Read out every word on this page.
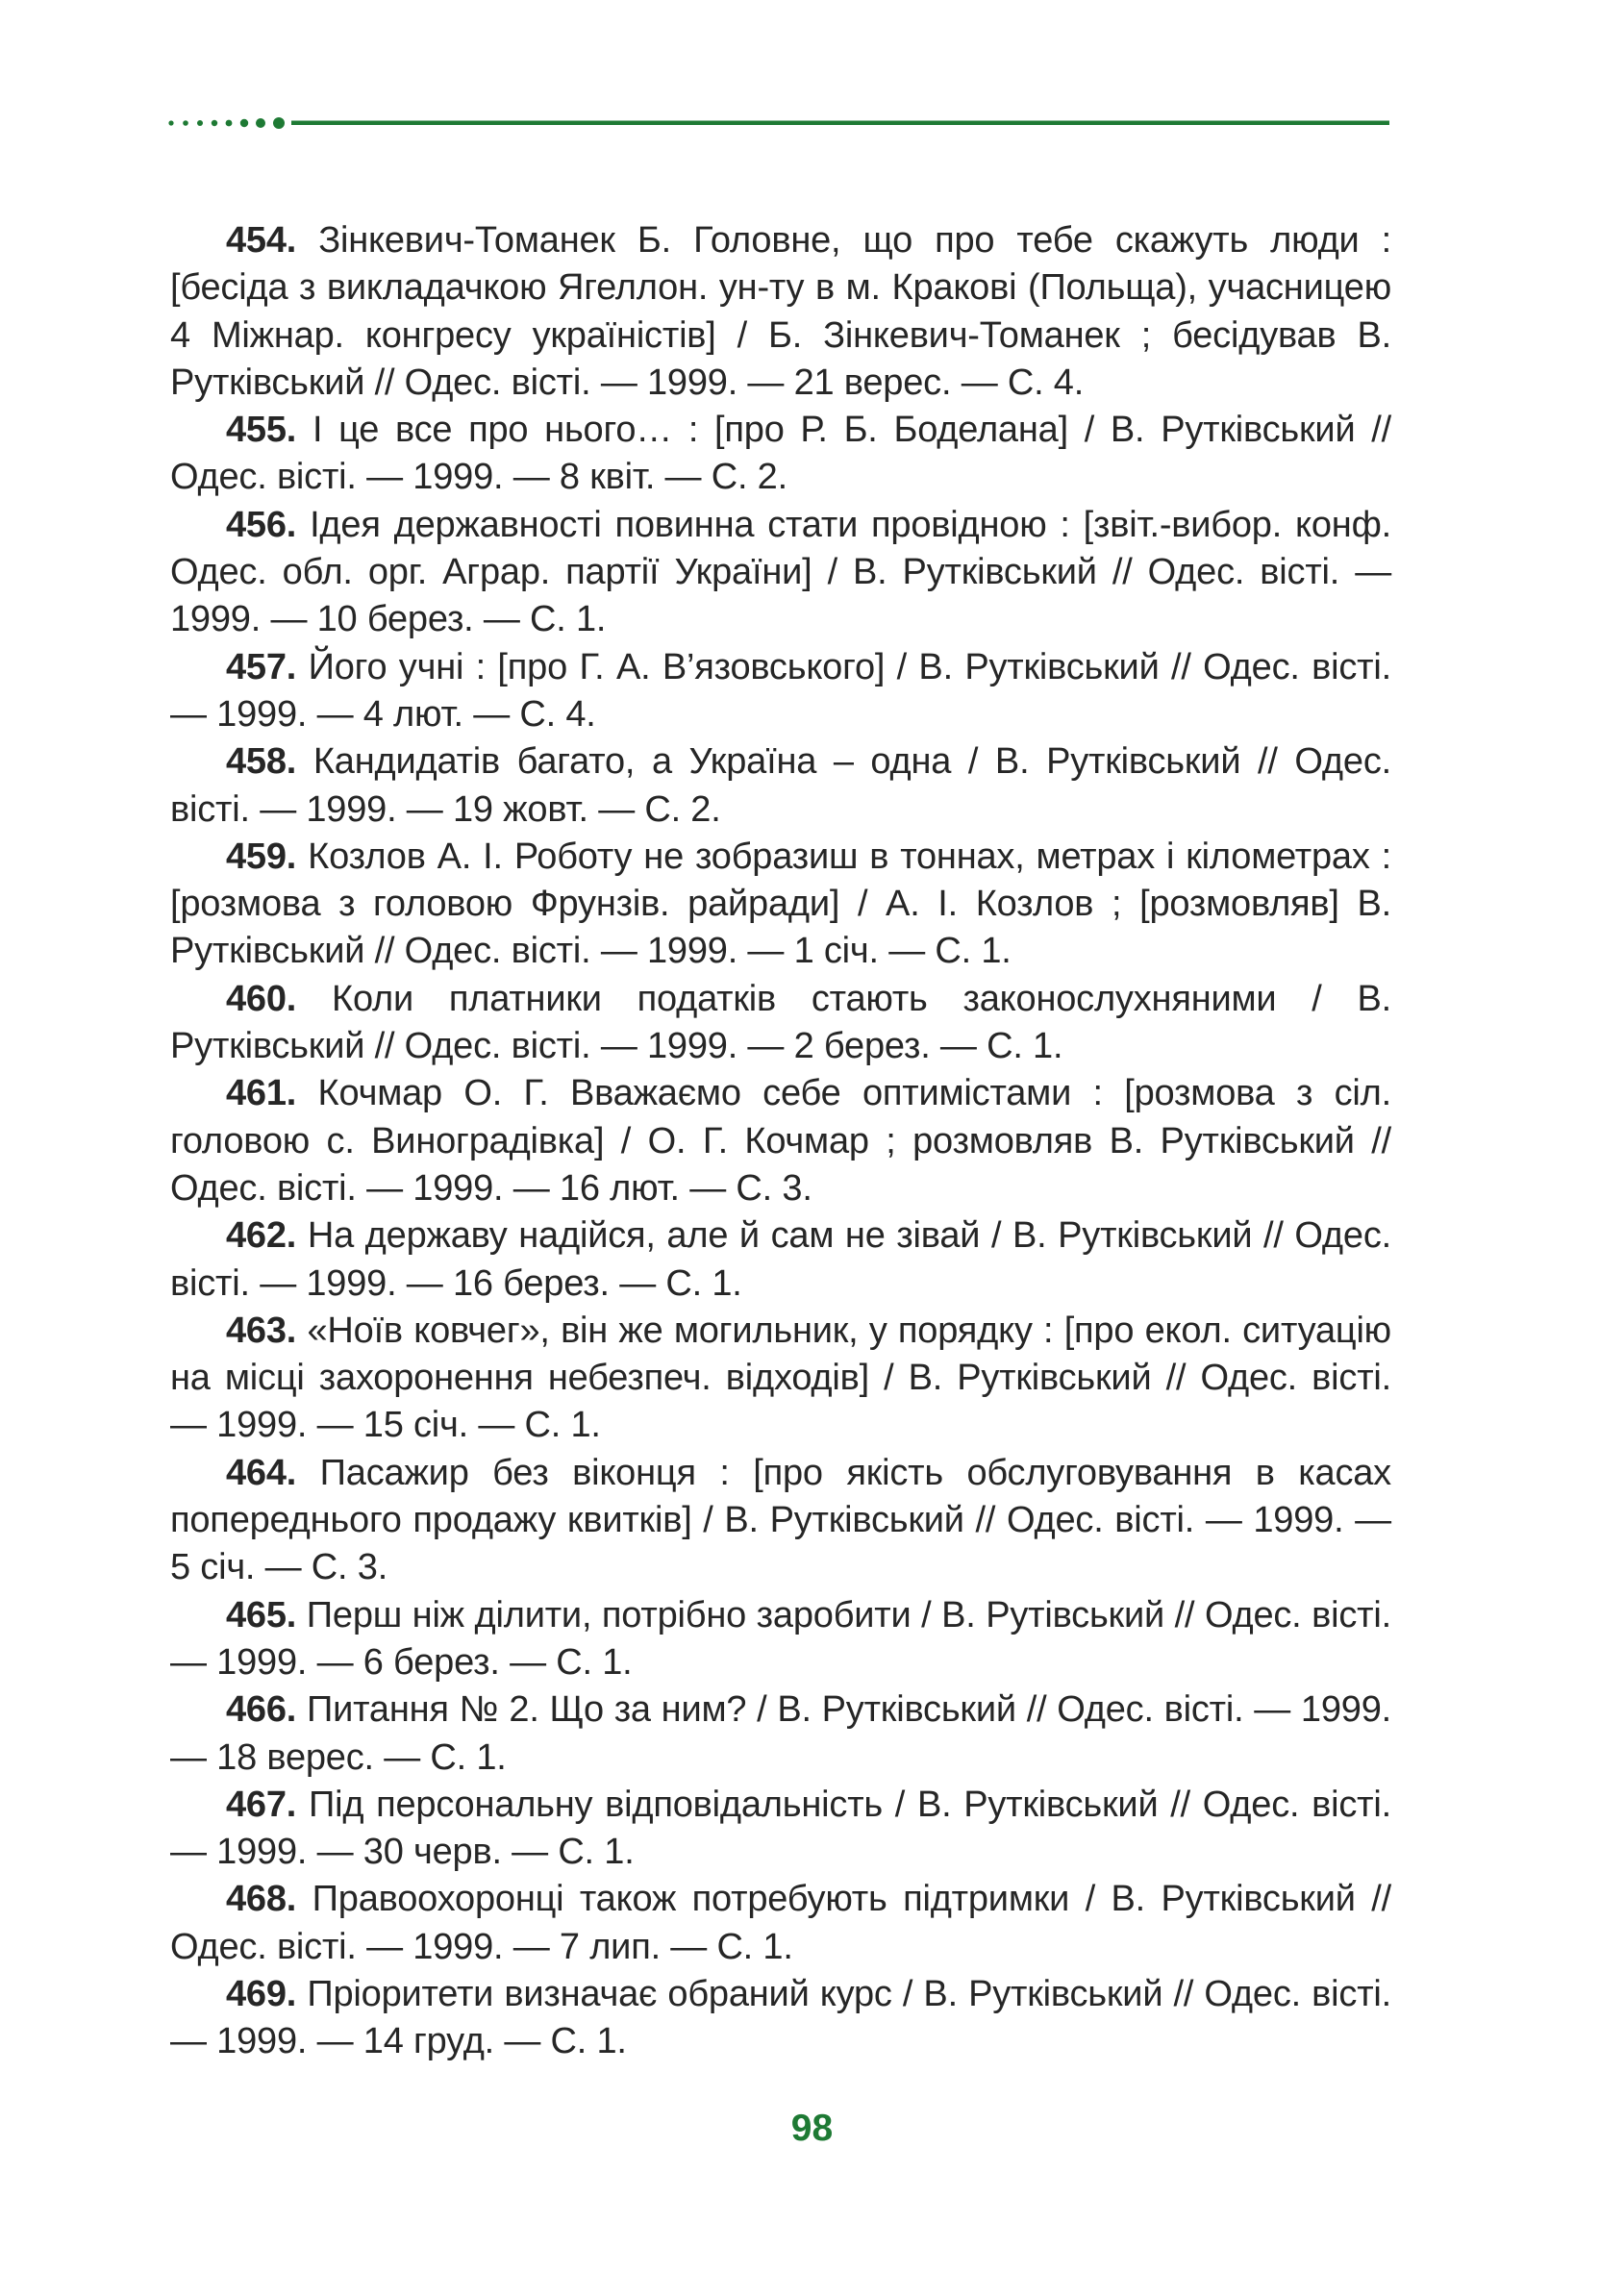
454. Зінкевич-Томанек Б. Головне, що про тебе скажуть люди : [бесіда з викладачкою Ягеллон. ун-ту в м. Кракові (Польща), учасницею 4 Міжнар. конгресу україністів] / Б. Зінкевич-Томанек ; бесідував В. Рутківський // Одес. вісті. — 1999. — 21 верес. — С. 4.

455. І це все про нього… : [про Р. Б. Боделана] / В. Рутківський // Одес. вісті. — 1999. — 8 квіт. — С. 2.

456. Ідея державності повинна стати провідною : [звіт.-вибор. конф. Одес. обл. орг. Аграр. партії України] / В. Рутківський // Одес. вісті. — 1999. — 10 берез. — С. 1.

457. Його учні : [про Г. А. В’язовського] / В. Рутківський // Одес. вісті. — 1999. — 4 лют. — С. 4.

458. Кандидатів багато, а Україна – одна / В. Рутківський // Одес. вісті. — 1999. — 19 жовт. — С. 2.

459. Козлов А. І. Роботу не зобразиш в тоннах, метрах і кілометрах : [розмова з головою Фрунзів. райради] / А. І. Козлов ; [розмовляв] В. Рутківський // Одес. вісті. — 1999. — 1 січ. — С. 1.

460. Коли платники податків стають законослухняними / В. Рутківський // Одес. вісті. — 1999. — 2 берез. — С. 1.

461. Кочмар О. Г. Вважаємо себе оптимістами : [розмова з сіл. головою с. Виноградівка] / О. Г. Кочмар ; розмовляв В. Рутківський // Одес. вісті. — 1999. — 16 лют. — С. 3.

462. На державу надійся, але й сам не зівай / В. Рутківський // Одес. вісті. — 1999. — 16 берез. — С. 1.

463. «Ноїв ковчег», він же могильник, у порядку : [про екол. ситуацію на місці захоронення небезпеч. відходів] / В. Рутківський // Одес. вісті. — 1999. — 15 січ. — С. 1.

464. Пасажир без віконця : [про якість обслуговування в касах попереднього продажу квитків] / В. Рутківський // Одес. вісті. — 1999. — 5 січ. — С. 3.

465. Перш ніж ділити, потрібно заробити / В. Рутівський // Одес. вісті. — 1999. — 6 берез. — С. 1.

466. Питання № 2. Що за ним? / В. Рутківський // Одес. вісті. — 1999. — 18 верес. — С. 1.

467. Під персональну відповідальність / В. Рутківський // Одес. вісті. — 1999. — 30 черв. — С. 1.

468. Правоохоронці також потребують підтримки / В. Рутківський // Одес. вісті. — 1999. — 7 лип. — С. 1.

469. Пріоритети визначає обраний курс / В. Рутківський // Одес. вісті. — 1999. — 14 груд. — С. 1.

98
